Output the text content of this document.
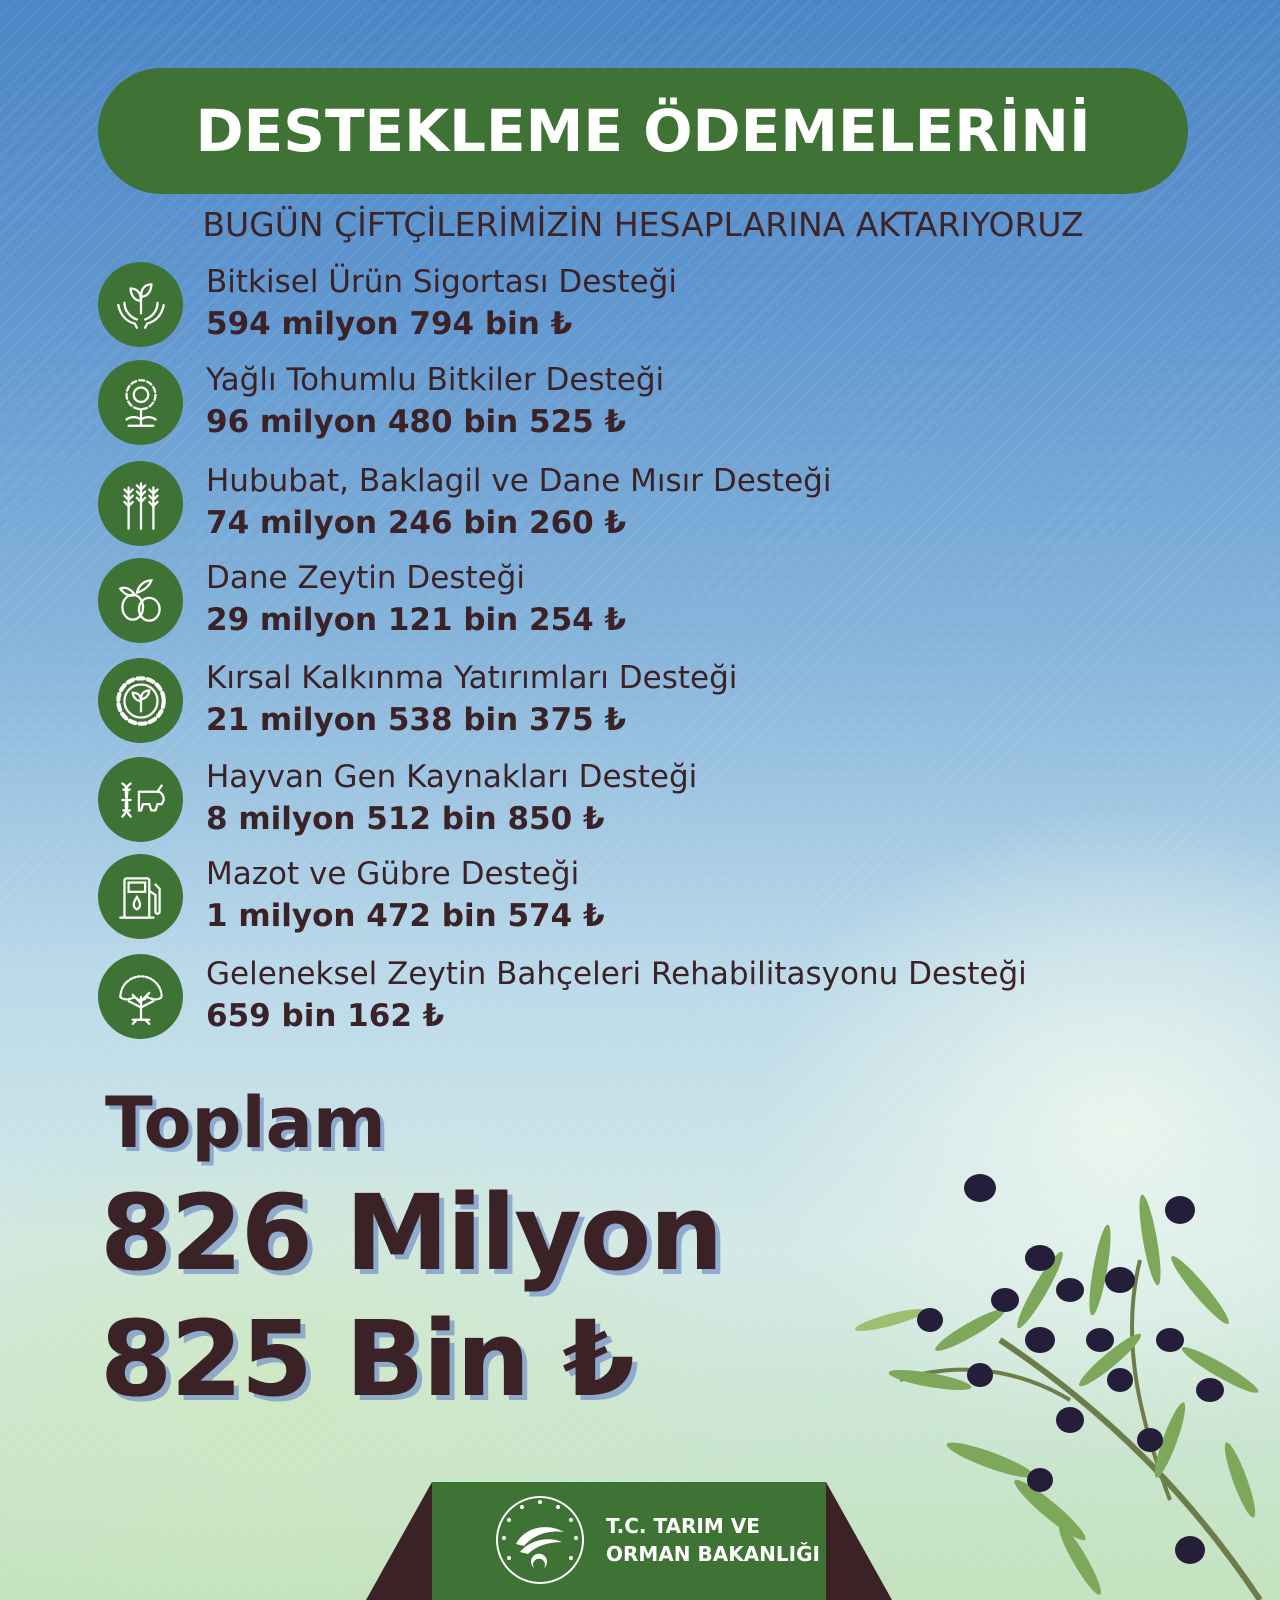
DESTEKLEME ÖDEMELERİNİ
BUGÜN ÇİFTÇİLERİMİZİN HESAPLARINA AKTARIYORUZ
Bitkisel Ürün Sigortası Desteği
594 milyon 794 bin ₺
Yağlı Tohumlu Bitkiler Desteği
96 milyon 480 bin 525 ₺
Hububat, Baklagil ve Dane Mısır Desteği
74 milyon 246 bin 260 ₺
Dane Zeytin Desteği
29 milyon 121 bin 254 ₺
Kırsal Kalkınma Yatırımları Desteği
21 milyon 538 bin 375 ₺
Hayvan Gen Kaynakları Desteği
8 milyon 512 bin 850 ₺
Mazot ve Gübre Desteği
1 milyon 472 bin 574 ₺
Geleneksel Zeytin Bahçeleri Rehabilitasyonu Desteği
659 bin 162 ₺
Toplam
826 Milyon
825 Bin ₺
T.C. TARIM VE
ORMAN BAKANLIĞI
